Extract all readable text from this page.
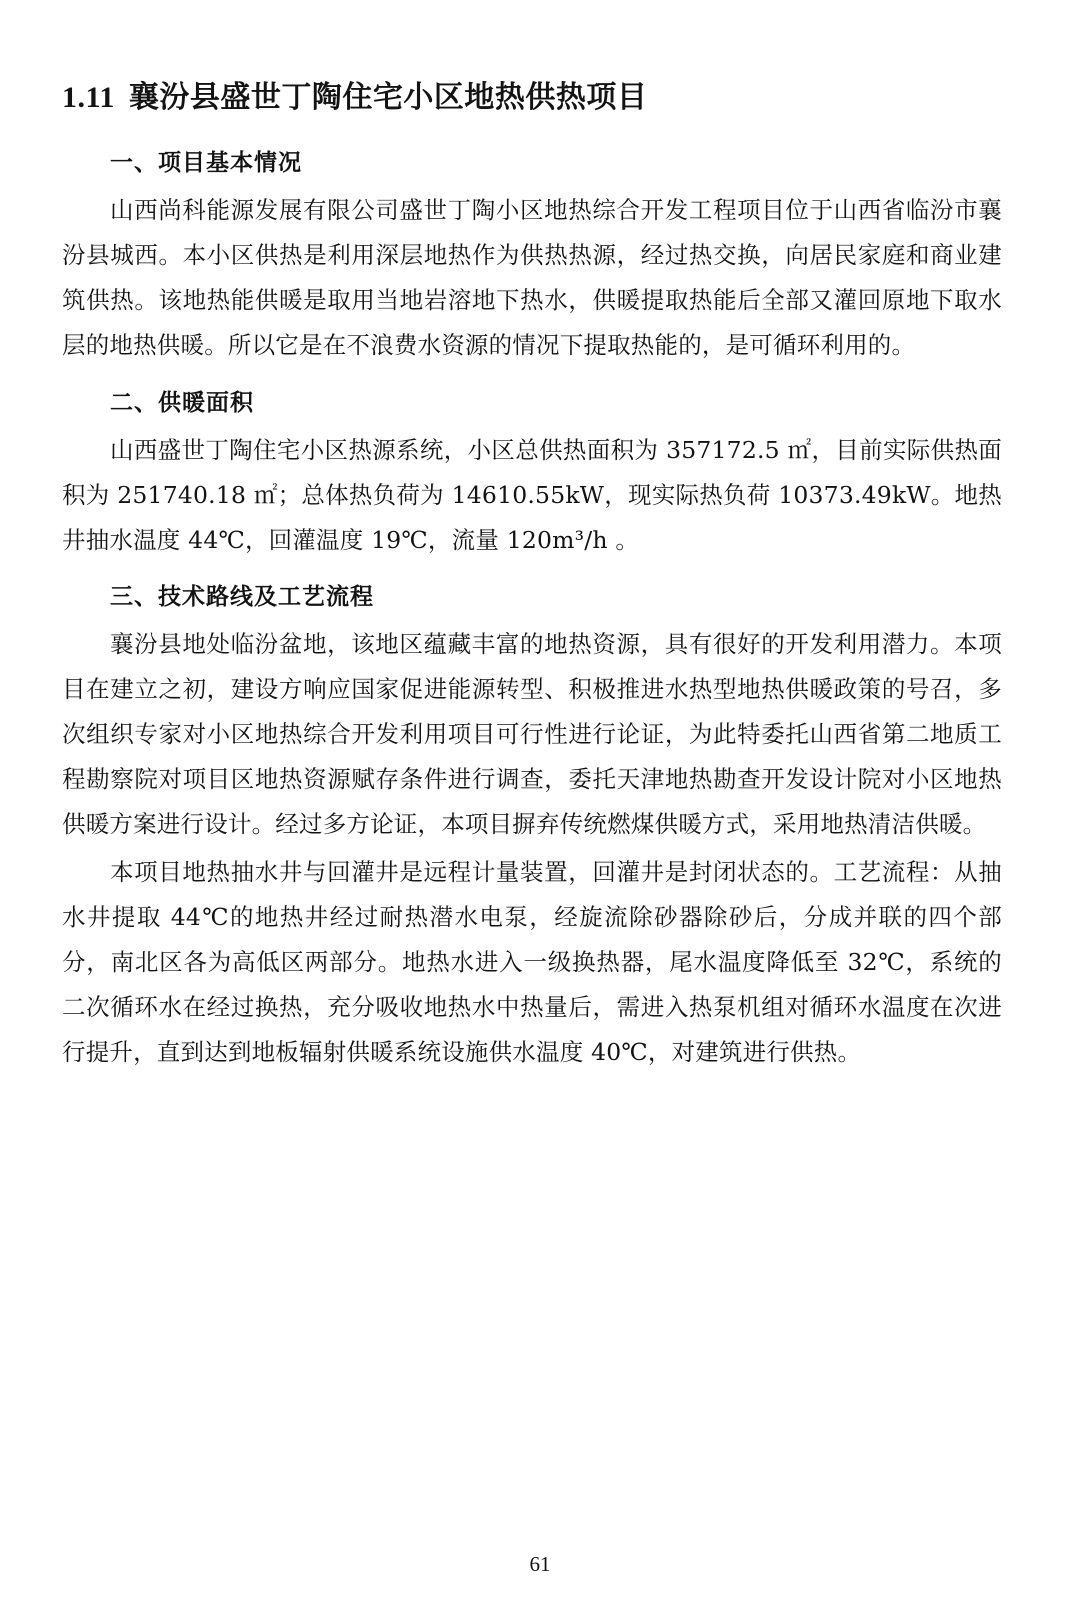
1.11 襄汾县盛世丁陶住宅小区地热供热项目
一、项目基本情况

山西尚科能源发展有限公司盛世丁陶小区地热综合开发工程项目位于山西省临汾市襄汾县城西。本小区供热是利用深层地热作为供热热源，经过热交换，向居民家庭和商业建筑供热。该地热能供暖是取用当地岩溶地下热水，供暖提取热能后全部又灌回原地下取水层的地热供暖。所以它是在不浪费水资源的情况下提取热能的，是可循环利用的。

二、供暖面积

山西盛世丁陶住宅小区热源系统，小区总供热面积为 357172.5 ㎡，目前实际供热面积为 251740.18 ㎡；总体热负荷为 14610.55kW，现实际热负荷 10373.49kW。地热井抽水温度 44℃，回灌温度 19℃，流量 120m³/h 。

三、技术路线及工艺流程

襄汾县地处临汾盆地，该地区蕴藏丰富的地热资源，具有很好的开发利用潜力。本项目在建立之初，建设方响应国家促进能源转型、积极推进水热型地热供暖政策的号召，多次组织专家对小区地热综合开发利用项目可行性进行论证，为此特委托山西省第二地质工程勘察院对项目区地热资源赋存条件进行调查，委托天津地热勘查开发设计院对小区地热供暖方案进行设计。经过多方论证，本项目摒弃传统燃煤供暖方式，采用地热清洁供暖。

本项目地热抽水井与回灌井是远程计量装置，回灌井是封闭状态的。工艺流程：从抽水井提取 44℃的地热井经过耐热潜水电泵，经旋流除砂器除砂后，分成并联的四个部分，南北区各为高低区两部分。地热水进入一级换热器，尾水温度降低至 32℃，系统的二次循环水在经过换热，充分吸收地热水中热量后，需进入热泵机组对循环水温度在次进行提升，直到达到地板辐射供暖系统设施供水温度 40℃，对建筑进行供热。

61
